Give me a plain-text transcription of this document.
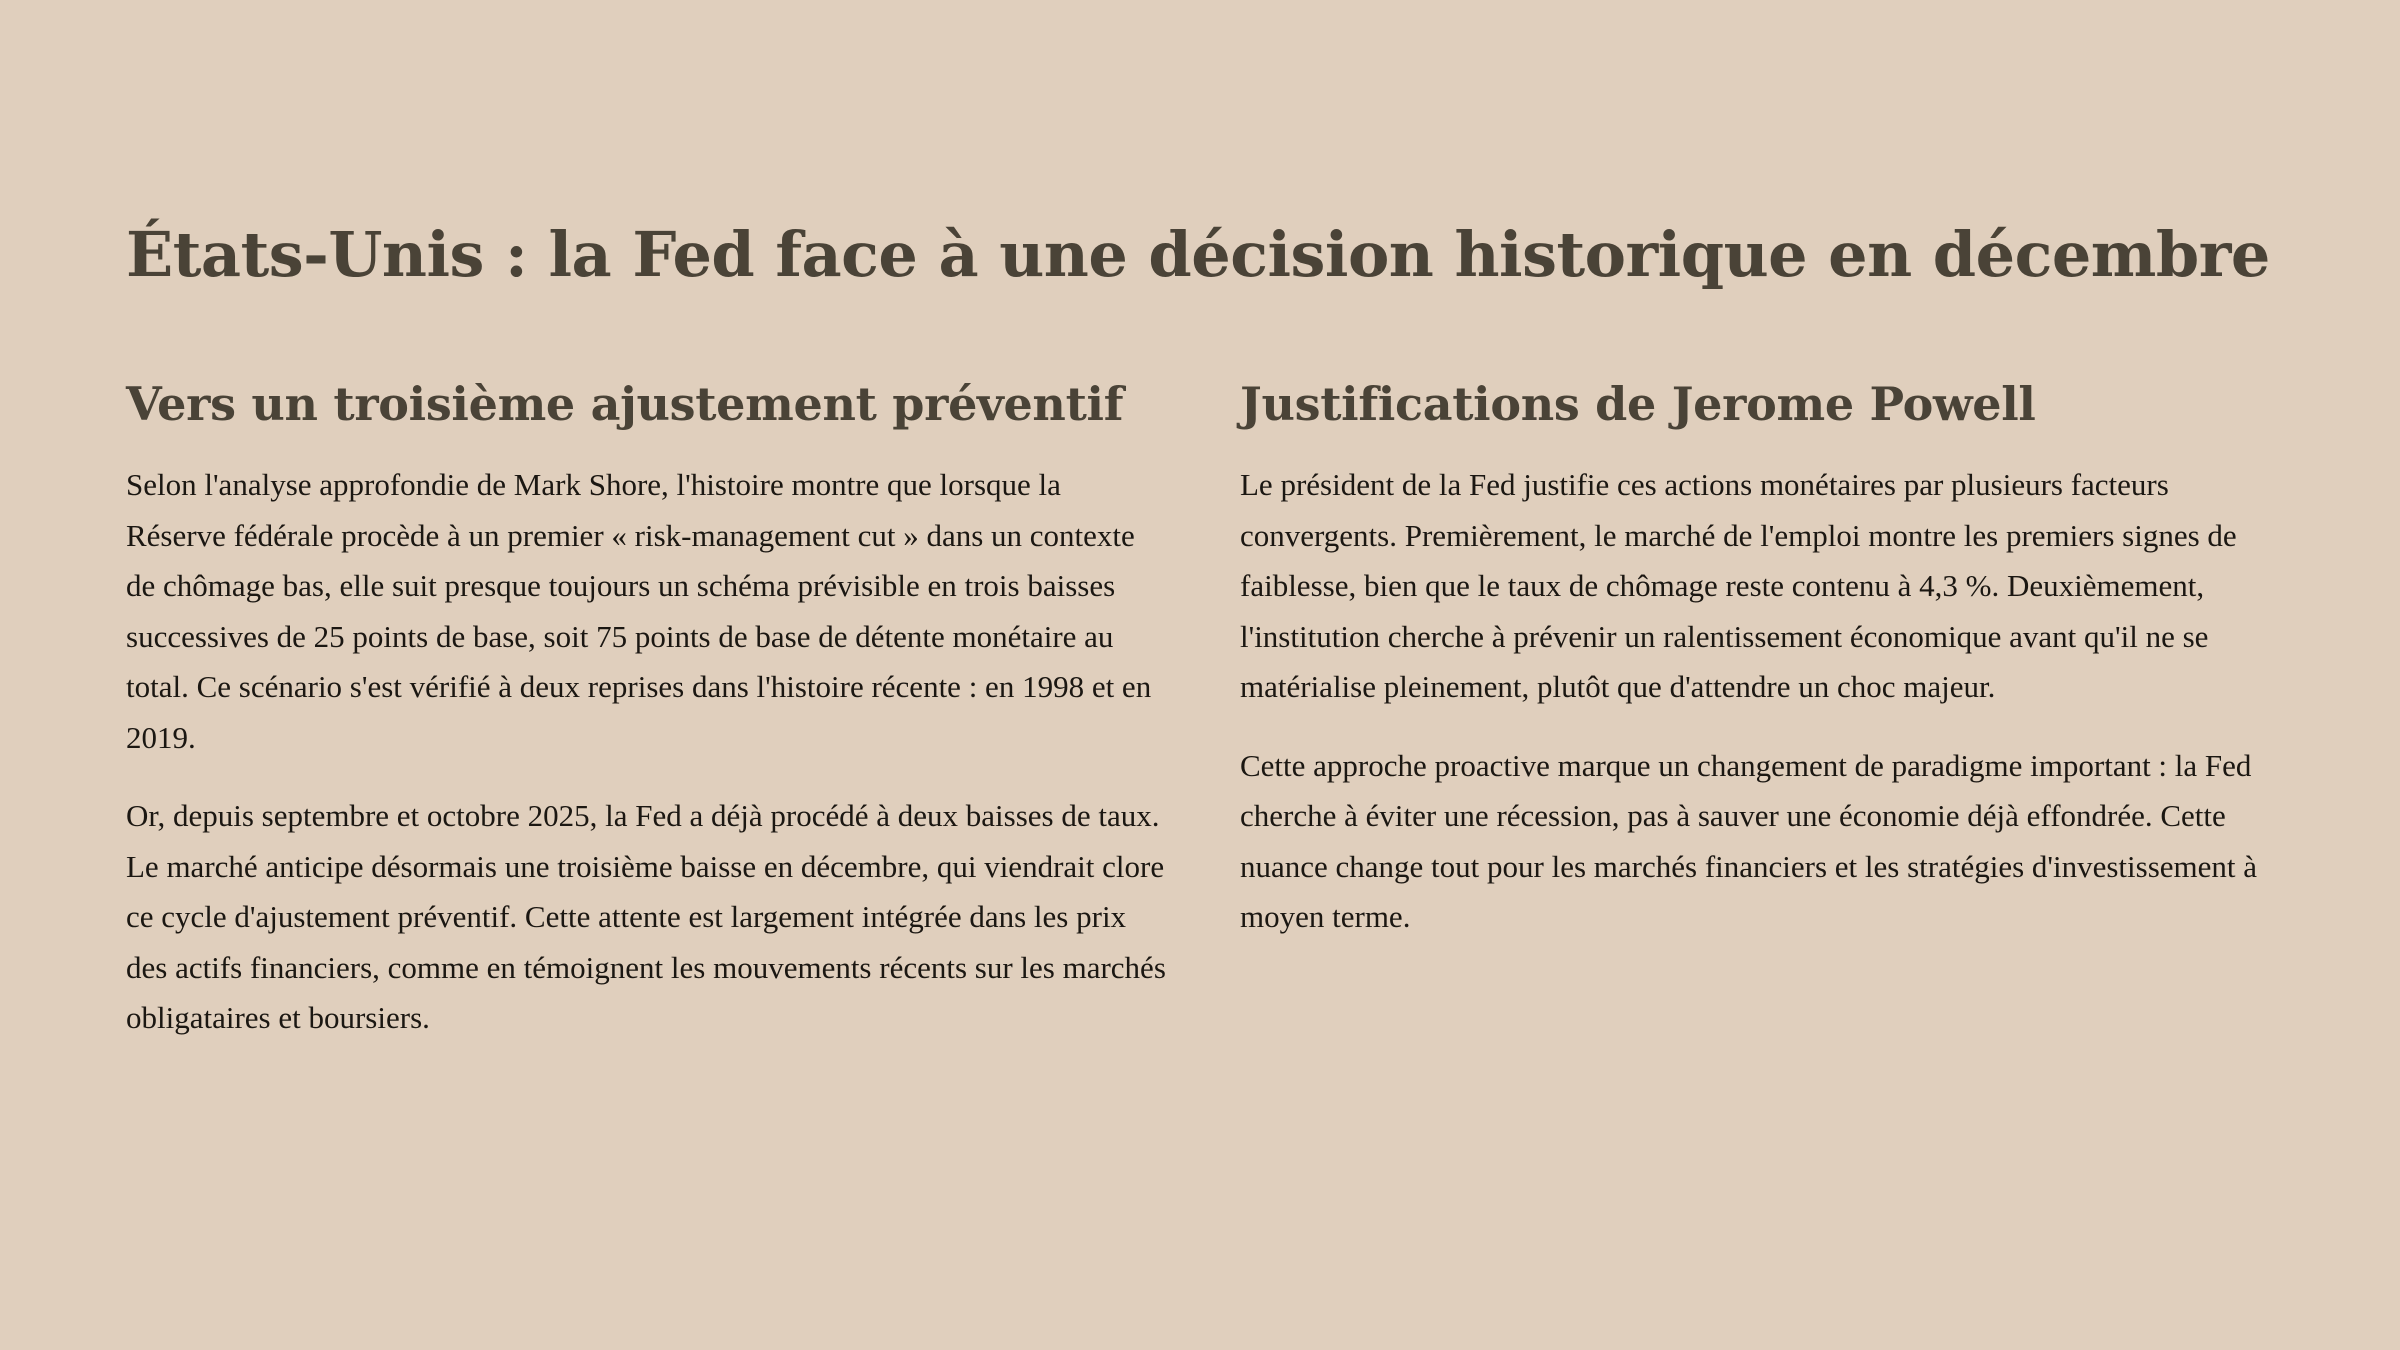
États-Unis : la Fed face à une décision historique en décembre
Vers un troisième ajustement préventif

Selon l'analyse approfondie de Mark Shore, l'histoire montre que lorsque la Réserve fédérale procède à un premier « risk-management cut » dans un contexte de chômage bas, elle suit presque toujours un schéma prévisible en trois baisses successives de 25 points de base, soit 75 points de base de détente monétaire au total. Ce scénario s'est vérifié à deux reprises dans l'histoire récente : en 1998 et en 2019.

Or, depuis septembre et octobre 2025, la Fed a déjà procédé à deux baisses de taux. Le marché anticipe désormais une troisième baisse en décembre, qui viendrait clore ce cycle d'ajustement préventif. Cette attente est largement intégrée dans les prix des actifs financiers, comme en témoignent les mouvements récents sur les marchés obligataires et boursiers.

Justifications de Jerome Powell

Le président de la Fed justifie ces actions monétaires par plusieurs facteurs convergents. Premièrement, le marché de l'emploi montre les premiers signes de faiblesse, bien que le taux de chômage reste contenu à 4,3 %. Deuxièmement, l'institution cherche à prévenir un ralentissement économique avant qu'il ne se matérialise pleinement, plutôt que d'attendre un choc majeur.

Cette approche proactive marque un changement de paradigme important : la Fed cherche à éviter une récession, pas à sauver une économie déjà effondrée. Cette nuance change tout pour les marchés financiers et les stratégies d'investissement à moyen terme.
